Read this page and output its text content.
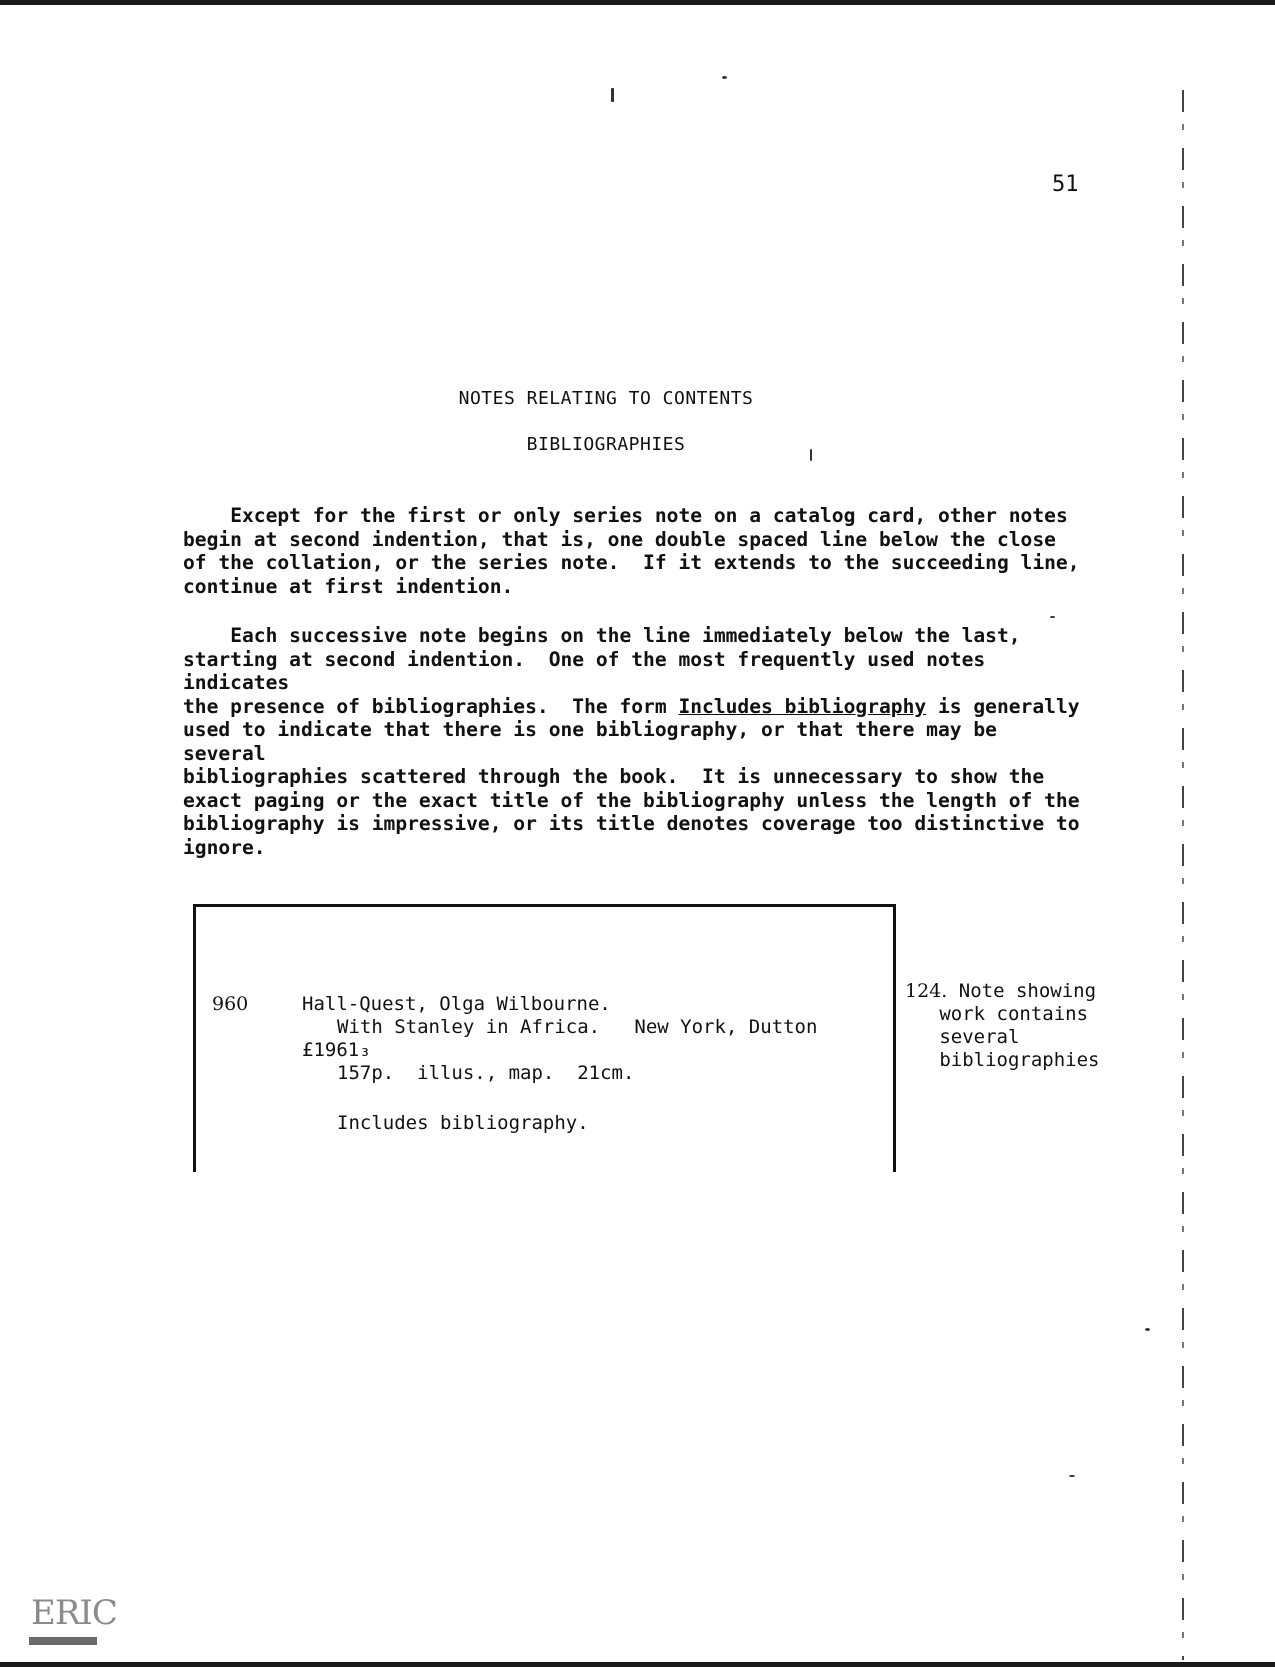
51
NOTES RELATING TO CONTENTS
BIBLIOGRAPHIES
Except for the first or only series note on a catalog card, other notes
begin at second indention, that is, one double spaced line below the close
of the collation, or the series note.  If it extends to the succeeding line,
continue at first indention.
Each successive note begins on the line immediately below the last,
starting at second indention.  One of the most frequently used notes indicates
the presence of bibliographies.  The form Includes bibliography is generally
used to indicate that there is one bibliography, or that there may be several
bibliographies scattered through the book.  It is unnecessary to show the
exact paging or the exact title of the bibliography unless the length of the
bibliography is impressive, or its title denotes coverage too distinctive to
ignore.
960	Hall-Quest, Olga Wilbourne.
With Stanley in Africa.   New York, Dutton
£1961₃
157p.  illus., map.  21cm.
Includes bibliography.
124. Note showing
work contains
several
bibliographies
ERIC
